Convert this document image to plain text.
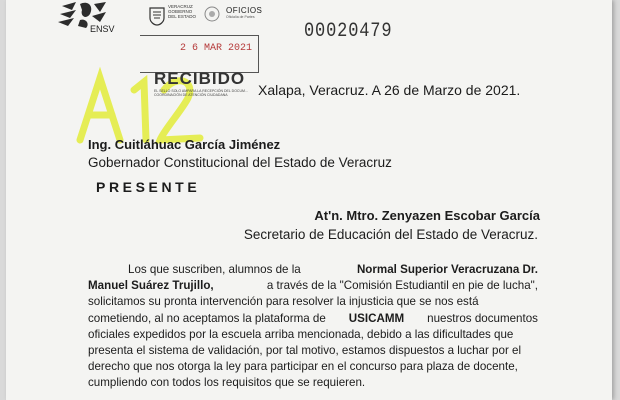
ENSV
VERACRUZ
GOBIERNO
DEL ESTADO
OFICIOS
Oficialía de Partes
00020479
2 6 MAR 2021
RECIBIDO
EL SELLO SOLO AMPARA LA RECEPCIÓN DEL DOCUM...
COORDINACIÓN DE ATENCIÓN CIUDADANA	Xalapa, Veracruz. A 26 de Marzo de 2021.
Ing. Cuitláhuac García Jiménez
Gobernador Constitucional del Estado de Veracruz
PRESENTE
At'n. Mtro. Zenyazen Escobar García
Secretario de Educación del Estado de Veracruz.
Los que suscriben, alumnos de la	Normal Superior Veracruzana Dr.
Manuel Suárez Trujillo,	a través de la "Comisión Estudiantil en pie de lucha",
solicitamos su pronta intervención para resolver la injusticia que se nos está
cometiendo, al no aceptamos la plataforma de USICAMM nuestros documentos
oficiales expedidos por la escuela arriba mencionada, debido a las dificultades que
presenta el sistema de validación, por tal motivo, estamos dispuestos a luchar por el
derecho que nos otorga la ley para participar en el concurso para plaza de docente,
cumpliendo con todos los requisitos que se requieren.
